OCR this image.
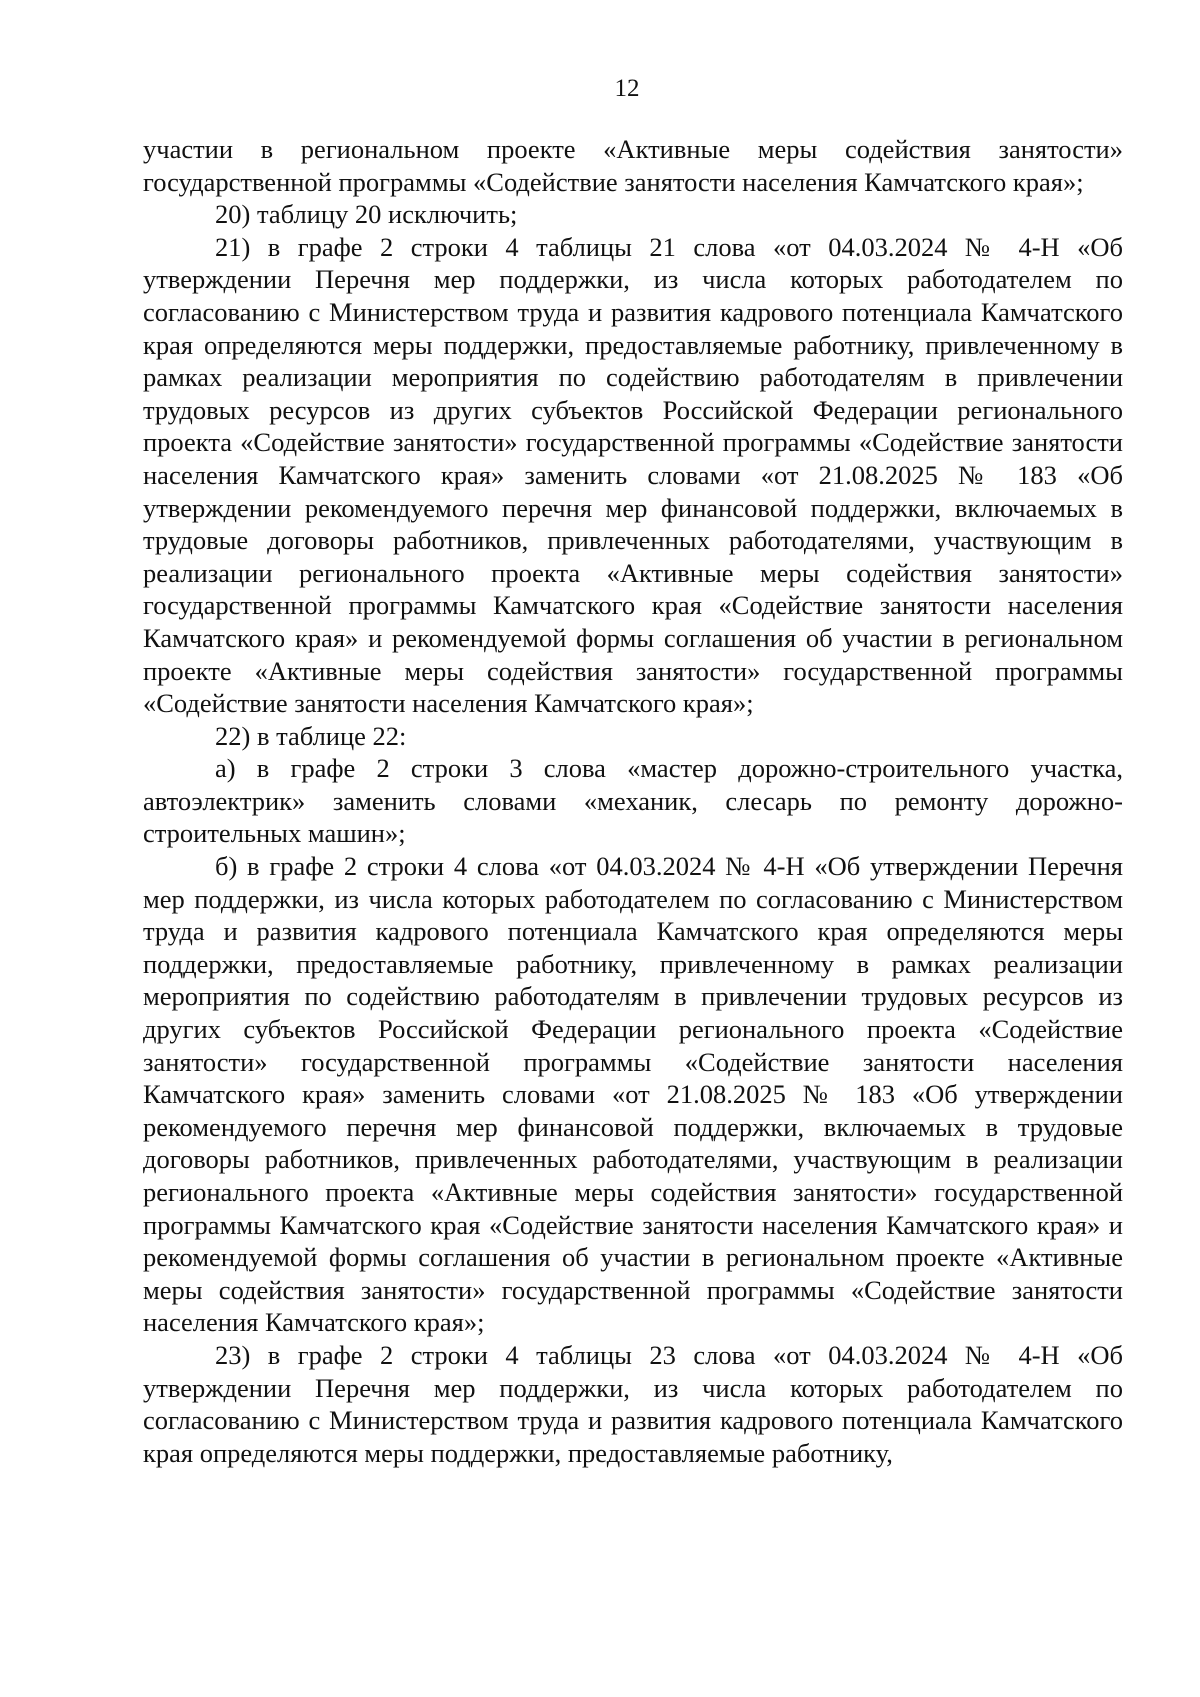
12

участии в региональном проекте «Активные меры содействия занятости» государственной программы «Содействие занятости населения Камчатского края»;

20) таблицу 20 исключить;

21) в графе 2 строки 4 таблицы 21 слова «от 04.03.2024 № 4-Н «Об утверждении Перечня мер поддержки, из числа которых работодателем по согласованию с Министерством труда и развития кадрового потенциала Камчатского края определяются меры поддержки, предоставляемые работнику, привлеченному в рамках реализации мероприятия по содействию работодателям в привлечении трудовых ресурсов из других субъектов Российской Федерации регионального проекта «Содействие занятости» государственной программы «Содействие занятости населения Камчатского края» заменить словами «от 21.08.2025 № 183 «Об утверждении рекомендуемого перечня мер финансовой поддержки, включаемых в трудовые договоры работников, привлеченных работодателями, участвующим в реализации регионального проекта «Активные меры содействия занятости» государственной программы Камчатского края «Содействие занятости населения Камчатского края» и рекомендуемой формы соглашения об участии в региональном проекте «Активные меры содействия занятости» государственной программы «Содействие занятости населения Камчатского края»;

22) в таблице 22:

а) в графе 2 строки 3 слова «мастер дорожно-строительного участка, автоэлектрик» заменить словами «механик, слесарь по ремонту дорожно-строительных машин»;

б) в графе 2 строки 4 слова «от 04.03.2024 № 4-Н «Об утверждении Перечня мер поддержки, из числа которых работодателем по согласованию с Министерством труда и развития кадрового потенциала Камчатского края определяются меры поддержки, предоставляемые работнику, привлеченному в рамках реализации мероприятия по содействию работодателям в привлечении трудовых ресурсов из других субъектов Российской Федерации регионального проекта «Содействие занятости» государственной программы «Содействие занятости населения Камчатского края» заменить словами «от 21.08.2025 № 183 «Об утверждении рекомендуемого перечня мер финансовой поддержки, включаемых в трудовые договоры работников, привлеченных работодателями, участвующим в реализации регионального проекта «Активные меры содействия занятости» государственной программы Камчатского края «Содействие занятости населения Камчатского края» и рекомендуемой формы соглашения об участии в региональном проекте «Активные меры содействия занятости» государственной программы «Содействие занятости населения Камчатского края»;

23) в графе 2 строки 4 таблицы 23 слова «от 04.03.2024 № 4-Н «Об утверждении Перечня мер поддержки, из числа которых работодателем по согласованию с Министерством труда и развития кадрового потенциала Камчатского края определяются меры поддержки, предоставляемые работнику,
